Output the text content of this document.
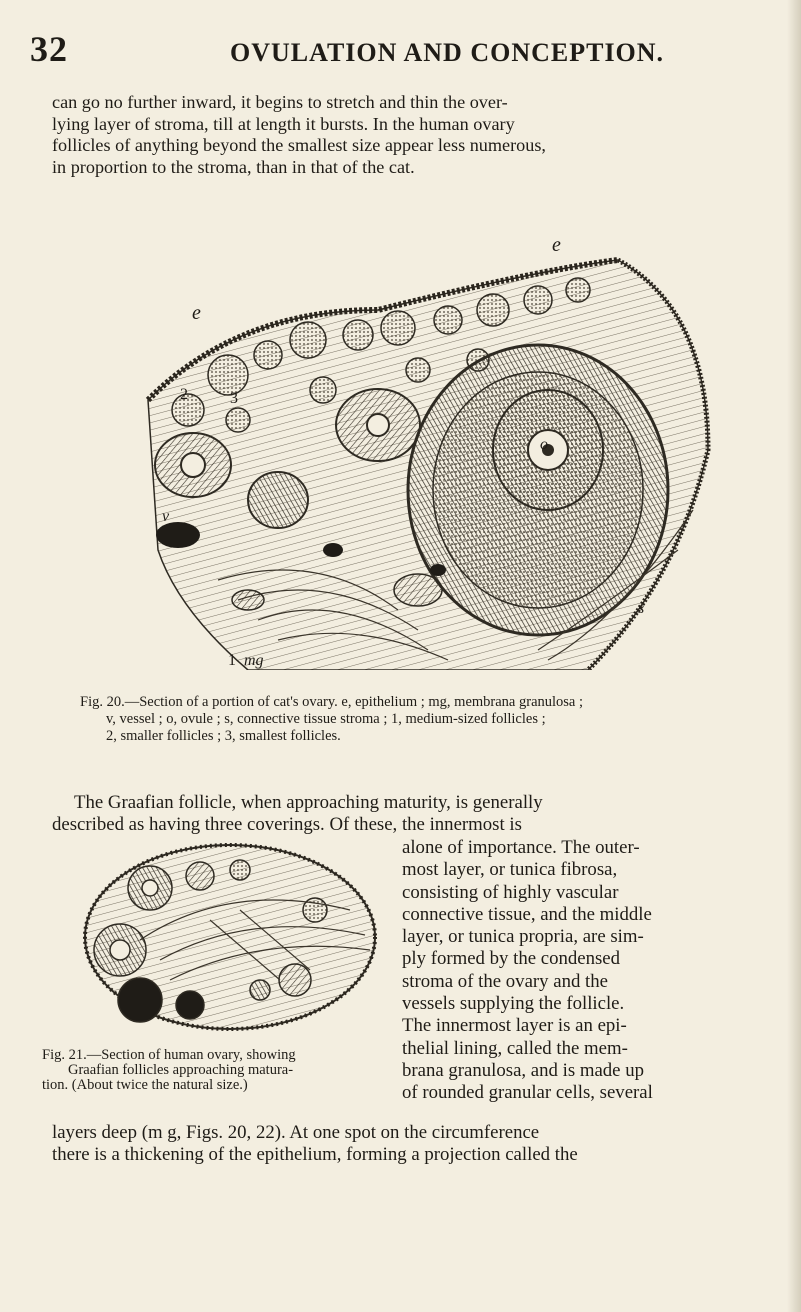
32	OVULATION AND CONCEPTION.
can go no further inward, it begins to stretch and thin the over-
lying layer of stroma, till at length it bursts. In the human ovary
follicles of anything beyond the smallest size appear less numerous,
in proportion to the stroma, than in that of the cat.
e
e
v
o
s
1
2	3
mg
Fig. 20.—Section of a portion of cat's ovary. e, epithelium ; mg, membrana granulosa ;
v, vessel ; o, ovule ; s, connective tissue stroma ; 1, medium-sized follicles ;
2, smaller follicles ; 3, smallest follicles.
The Graafian follicle, when approaching maturity, is generally
described as having three coverings. Of these, the innermost is
alone of importance. The outer-
most layer, or tunica fibrosa,
consisting of highly vascular
connective tissue, and the middle
layer, or tunica propria, are sim-
ply formed by the condensed
stroma of the ovary and the
vessels supplying the follicle.
The innermost layer is an epi-
thelial lining, called the mem-
brana granulosa, and is made up
of rounded granular cells, several
Fig. 21.—Section of human ovary, showing
Graafian follicles approaching matura-
tion. (About twice the natural size.)
layers deep (m g, Figs. 20, 22). At one spot on the circumference
there is a thickening of the epithelium, forming a projection called the
